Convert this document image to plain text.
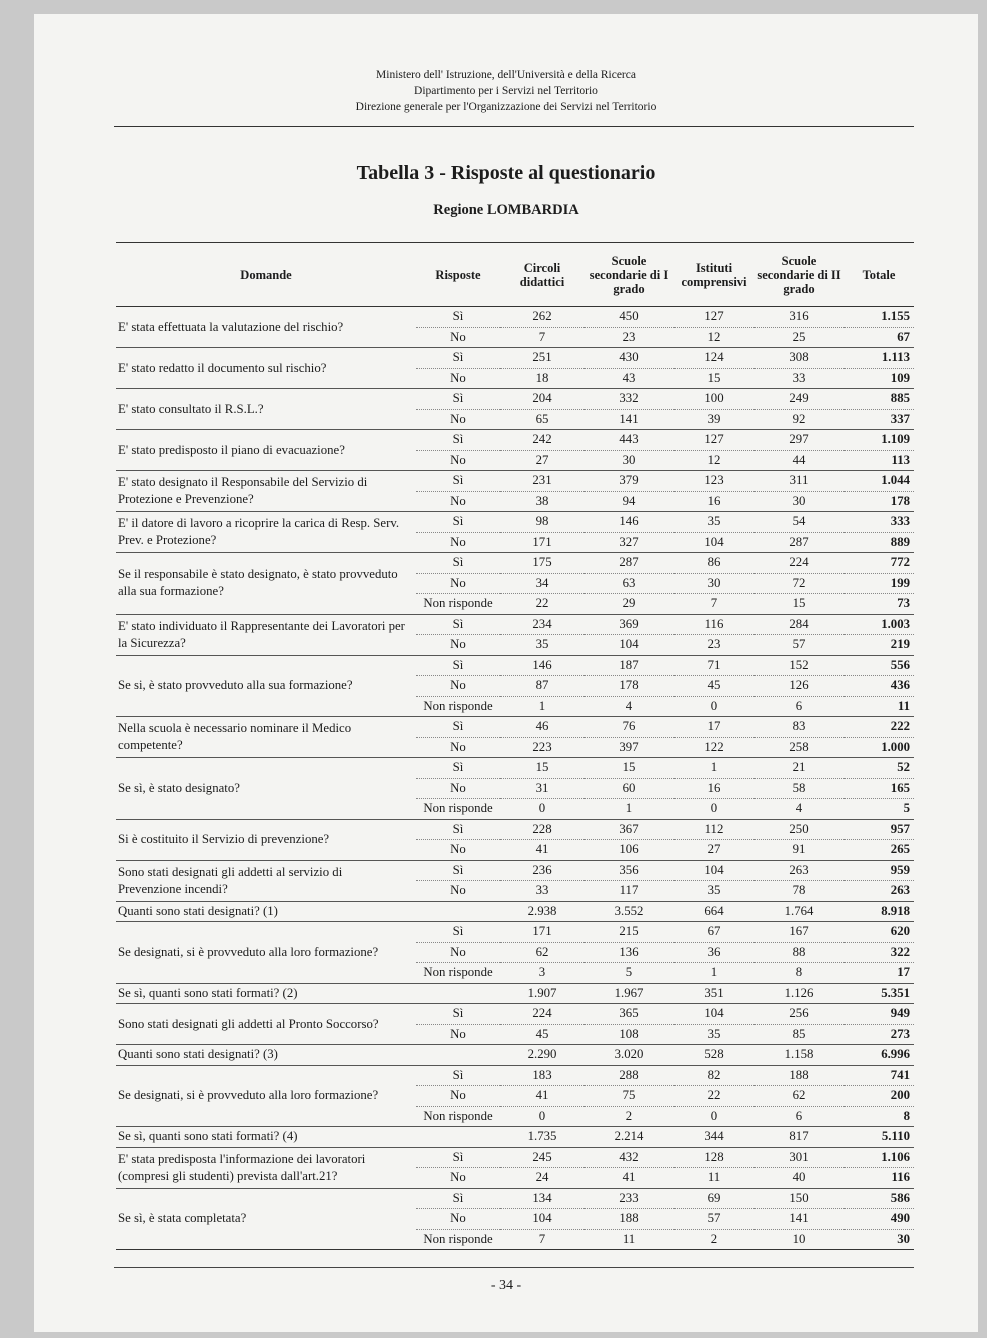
Ministero dell' Istruzione, dell'Università e della Ricerca
Dipartimento per i Servizi nel Territorio
Direzione generale per l'Organizzazione dei Servizi nel Territorio
Tabella 3 - Risposte al questionario
Regione LOMBARDIA
Domande	Risposte	Circoli didattici	Scuole secondarie di I grado	Istituti comprensivi	Scuole secondarie di II grado	Totale
E' stata effettuata la valutazione del rischio?	Sì	262	450	127	316	1.155
	No	7	23	12	25	67
E' stato redatto il documento sul rischio?	Sì	251	430	124	308	1.113
	No	18	43	15	33	109
E' stato consultato il R.S.L.?	Sì	204	332	100	249	885
	No	65	141	39	92	337
E' stato predisposto il piano di evacuazione?	Sì	242	443	127	297	1.109
	No	27	30	12	44	113
E' stato designato il Responsabile del Servizio di Protezione e Prevenzione?	Sì	231	379	123	311	1.044
	No	38	94	16	30	178
E' il datore di lavoro a ricoprire la carica di Resp. Serv. Prev. e Protezione?	Sì	98	146	35	54	333
	No	171	327	104	287	889
Se il responsabile è stato designato, è stato provveduto alla sua formazione?	Sì	175	287	86	224	772
	No	34	63	30	72	199
	Non risponde	22	29	7	15	73
E' stato individuato il Rappresentante dei Lavoratori per la Sicurezza?	Sì	234	369	116	284	1.003
	No	35	104	23	57	219
Se si, è stato provveduto alla sua formazione?	Sì	146	187	71	152	556
	No	87	178	45	126	436
	Non risponde	1	4	0	6	11
Nella scuola è necessario nominare il Medico competente?	Sì	46	76	17	83	222
	No	223	397	122	258	1.000
Se sì, è stato designato?	Sì	15	15	1	21	52
	No	31	60	16	58	165
	Non risponde	0	1	0	4	5
Si è costituito il Servizio di prevenzione?	Sì	228	367	112	250	957
	No	41	106	27	91	265
Sono stati designati gli addetti al servizio di Prevenzione incendi?	Sì	236	356	104	263	959
	No	33	117	35	78	263
Quanti sono stati designati? (1)		2.938	3.552	664	1.764	8.918
Se designati, si è provveduto alla loro formazione?	Sì	171	215	67	167	620
	No	62	136	36	88	322
	Non risponde	3	5	1	8	17
Se sì, quanti sono stati formati? (2)		1.907	1.967	351	1.126	5.351
Sono stati designati gli addetti al Pronto Soccorso?	Sì	224	365	104	256	949
	No	45	108	35	85	273
Quanti sono stati designati? (3)		2.290	3.020	528	1.158	6.996
Se designati, si è provveduto alla loro formazione?	Sì	183	288	82	188	741
	No	41	75	22	62	200
	Non risponde	0	2	0	6	8
Se sì, quanti sono stati formati? (4)		1.735	2.214	344	817	5.110
E' stata predisposta l'informazione dei lavoratori (compresi gli studenti) prevista dall'art.21?	Sì	245	432	128	301	1.106
	No	24	41	11	40	116
Se sì, è stata completata?	Sì	134	233	69	150	586
	No	104	188	57	141	490
	Non risponde	7	11	2	10	30
- 34 -
